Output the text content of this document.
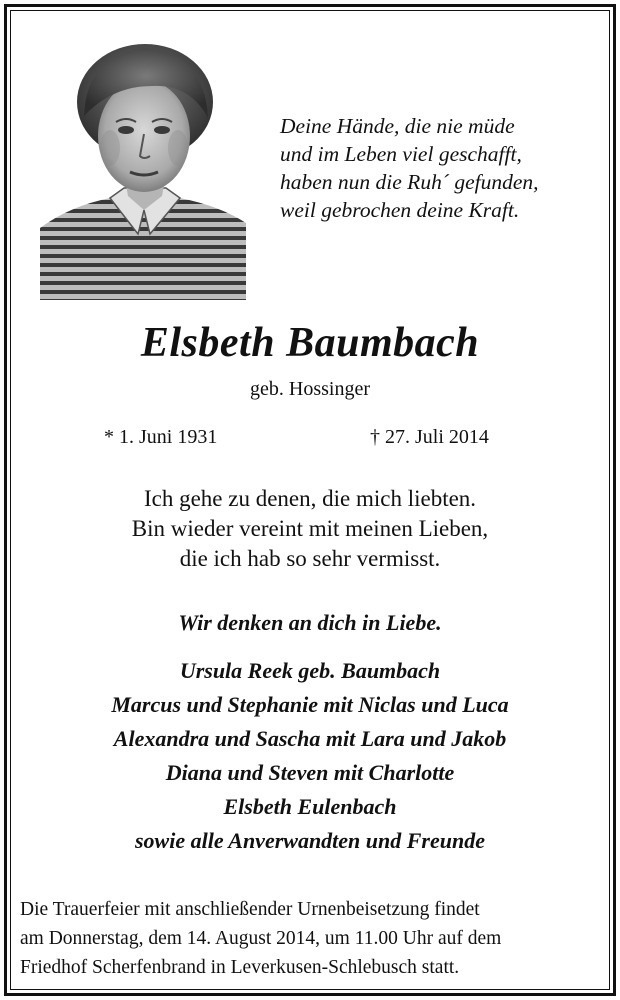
Deine Hände, die nie müde
und im Leben viel geschafft,
haben nun die Ruh´ gefunden,
weil gebrochen deine Kraft.
Elsbeth Baumbach
geb. Hossinger
* 1. Juni 1931	† 27. Juli 2014
Ich gehe zu denen, die mich liebten.
Bin wieder vereint mit meinen Lieben,
die ich hab so sehr vermisst.
Wir denken an dich in Liebe.
Ursula Reek geb. Baumbach
Marcus und Stephanie mit Niclas und Luca
Alexandra und Sascha mit Lara und Jakob
Diana und Steven mit Charlotte
Elsbeth Eulenbach
sowie alle Anverwandten und Freunde
Die Trauerfeier mit anschließender Urnenbeisetzung findet
am Donnerstag, dem 14. August 2014, um 11.00 Uhr auf dem
Friedhof Scherfenbrand in Leverkusen-Schlebusch statt.
